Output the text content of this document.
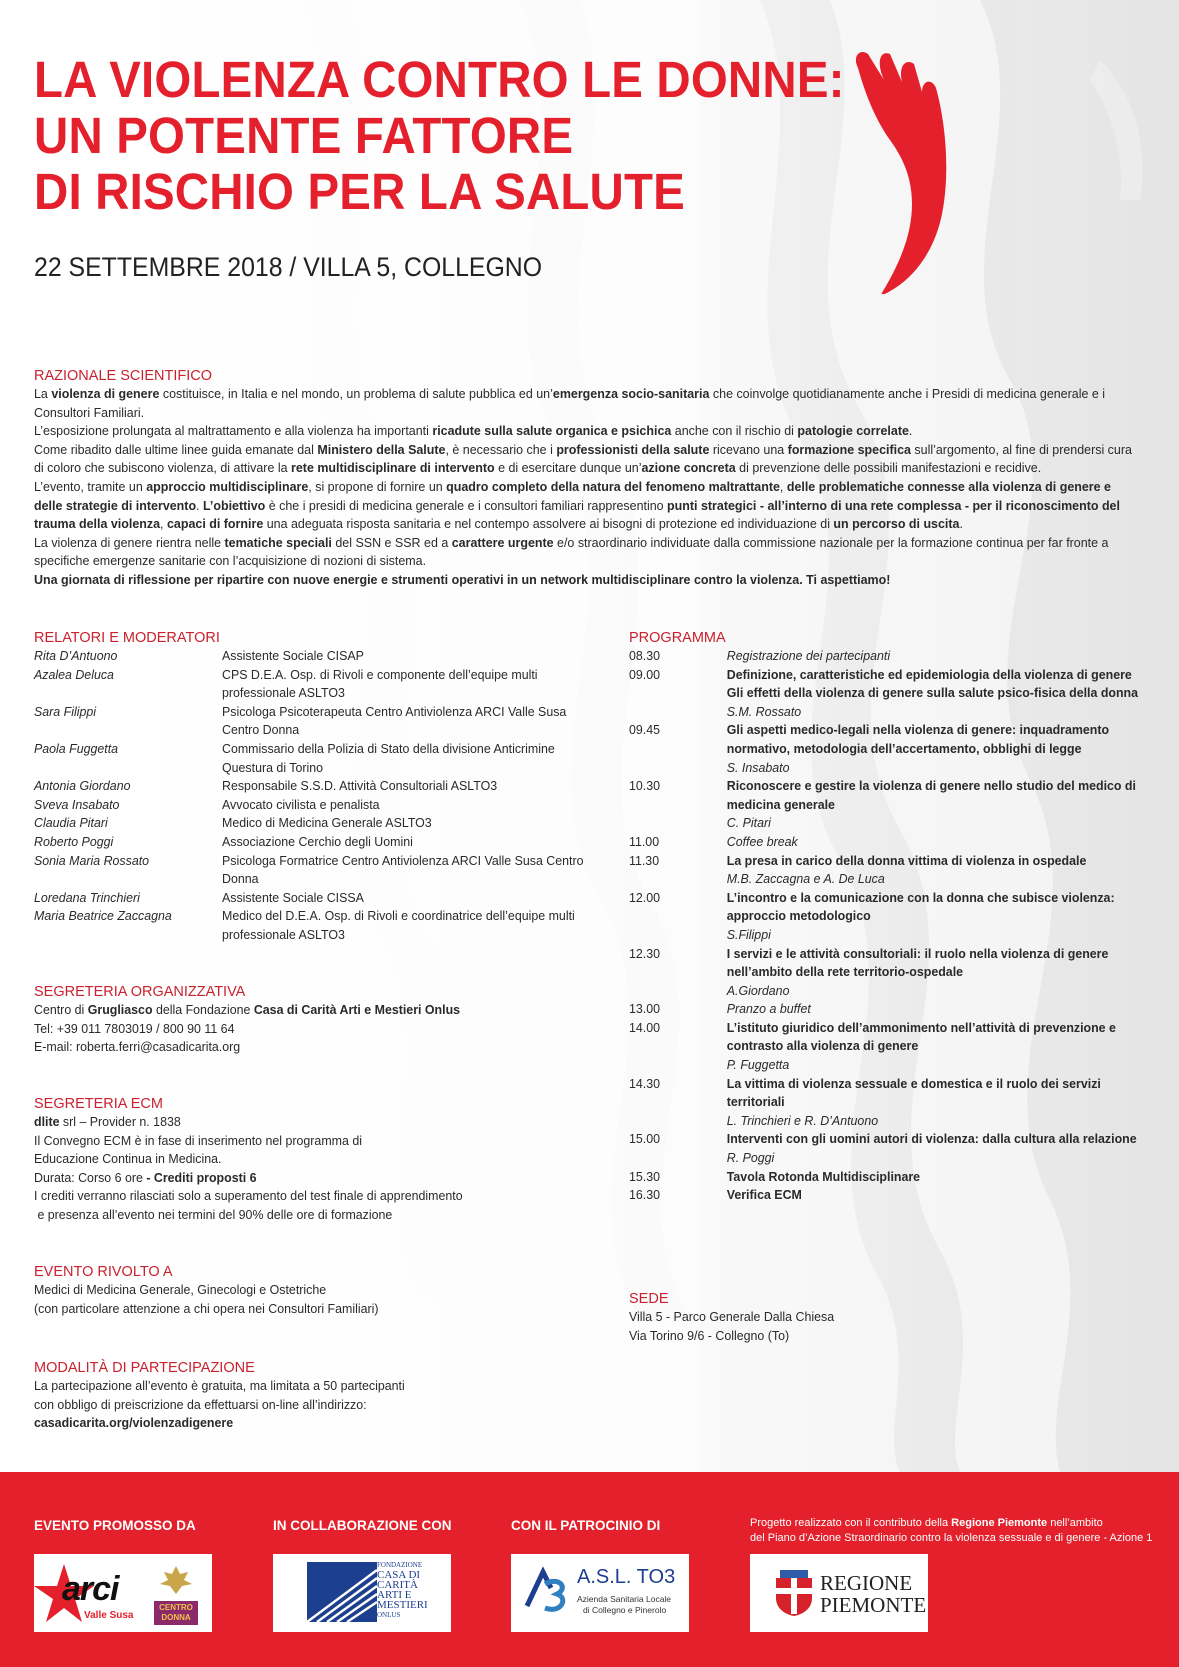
LA VIOLENZA CONTRO LE DONNE:
UN POTENTE FATTORE
DI RISCHIO PER LA SALUTE
22 SETTEMBRE 2018 / VILLA 5, COLLEGNO
RAZIONALE SCIENTIFICO

La violenza di genere costituisce, in Italia e nel mondo, un problema di salute pubblica ed un’emergenza socio-sanitaria che coinvolge quotidianamente anche i Presidi di medicina generale e i Consultori Familiari.

L’esposizione prolungata al maltrattamento e alla violenza ha importanti ricadute sulla salute organica e psichica anche con il rischio di patologie correlate.

Come ribadito dalle ultime linee guida emanate dal Ministero della Salute, è necessario che i professionisti della salute ricevano una formazione specifica sull’argomento, al fine di prendersi cura di coloro che subiscono violenza, di attivare la rete multidisciplinare di intervento e di esercitare dunque un’azione concreta di prevenzione delle possibili manifestazioni e recidive.

L’evento, tramite un approccio multidisciplinare, si propone di fornire un quadro completo della natura del fenomeno maltrattante, delle problematiche connesse alla violenza di genere e delle strategie di intervento. L’obiettivo è che i presidi di medicina generale e i consultori familiari rappresentino punti strategici - all’interno di una rete complessa - per il riconoscimento del trauma della violenza, capaci di fornire una adeguata risposta sanitaria e nel contempo assolvere ai bisogni di protezione ed individuazione di un percorso di uscita.

La violenza di genere rientra nelle tematiche speciali del SSN e SSR ed a carattere urgente e/o straordinario individuate dalla commissione nazionale per la formazione continua per far fronte a specifiche emergenze sanitarie con l’acquisizione di nozioni di sistema.

Una giornata di riflessione per ripartire con nuove energie e strumenti operativi in un network multidisciplinare contro la violenza. Ti aspettiamo!

RELATORI E MODERATORI
Rita D’Antuono	Assistente Sociale CISAP
Azalea Deluca	CPS D.E.A. Osp. di Rivoli e componente dell’equipe multi professionale ASLTO3
Sara Filippi	Psicologa Psicoterapeuta Centro Antiviolenza ARCI Valle Susa Centro Donna
Paola Fuggetta	Commissario della Polizia di Stato della divisione Anticrimine Questura di Torino
Antonia Giordano	Responsabile S.S.D. Attività Consultoriali ASLTO3
Sveva Insabato	Avvocato civilista e penalista
Claudia Pitari	Medico di Medicina Generale ASLTO3
Roberto Poggi	Associazione Cerchio degli Uomini
Sonia Maria Rossato	Psicologa Formatrice Centro Antiviolenza ARCI Valle Susa Centro Donna
Loredana Trinchieri	Assistente Sociale CISSA
Maria Beatrice Zaccagna	Medico del D.E.A. Osp. di Rivoli e coordinatrice dell’equipe multi professionale ASLTO3
PROGRAMMA
08.30	Registrazione dei partecipanti
09.00	Definizione, caratteristiche ed epidemiologia della violenza di genere
Gli effetti della violenza di genere sulla salute psico-fisica della donna
S.M. Rossato
09.45	Gli aspetti medico-legali nella violenza di genere: inquadramento normativo, metodologia dell’accertamento, obblighi di legge
S. Insabato
10.30	Riconoscere e gestire la violenza di genere nello studio del medico di medicina generale
C. Pitari
11.00	Coffee break
11.30	La presa in carico della donna vittima di violenza in ospedale
M.B. Zaccagna e A. De Luca
12.00	L’incontro e la comunicazione con la donna che subisce violenza: approccio metodologico
S.Filippi
12.30	I servizi e le attività consultoriali: il ruolo nella violenza di genere nell’ambito della rete territorio-ospedale
A.Giordano
13.00	Pranzo a buffet
14.00	L’istituto giuridico dell’ammonimento nell’attività di prevenzione e contrasto alla violenza di genere
P. Fuggetta
14.30	La vittima di violenza sessuale e domestica e il ruolo dei servizi territoriali
L. Trinchieri e R. D’Antuono
15.00	Interventi con gli uomini autori di violenza: dalla cultura alla relazione
R. Poggi
15.30	Tavola Rotonda Multidisciplinare
16.30	Verifica ECM
SEGRETERIA ORGANIZZATIVA
Centro di Grugliasco della Fondazione Casa di Carità Arti e Mestieri Onlus
Tel: +39 011 7803019 / 800 90 11 64
E-mail: roberta.ferri@casadicarita.org
SEGRETERIA ECM
dlite srl – Provider n. 1838
Il Convegno ECM è in fase di inserimento nel programma di
Educazione Continua in Medicina.
Durata: Corso 6 ore - Crediti proposti 6
I crediti verranno rilasciati solo a superamento del test finale di apprendimento
e presenza all’evento nei termini del 90% delle ore di formazione
EVENTO RIVOLTO A
Medici di Medicina Generale, Ginecologi e Ostetriche
(con particolare attenzione a chi opera nei Consultori Familiari)
MODALITÀ DI PARTECIPAZIONE
La partecipazione all’evento è gratuita, ma limitata a 50 partecipanti
con obbligo di preiscrizione da effettuarsi on-line all’indirizzo:
casadicarita.org/violenzadigenere
SEDE
Villa 5 - Parco Generale Dalla Chiesa
Via Torino 9/6 - Collegno (To)
EVENTO PROMOSSO DA	IN COLLABORAZIONE CON	CON IL PATROCINIO DI	Progetto realizzato con il contributo della Regione Piemonte nell’ambito
del Piano d’Azione Straordinario contro la violenza sessuale e di genere - Azione 1
arci
Valle Susa
CENTRO
DONNA
FONDAZIONE
CASA DI
CARITÀ
ARTI E
MESTIERI
ONLUS
A.S.L. TO3
Azienda Sanitaria Locale
di Collegno e Pinerolo
REGIONE
PIEMONTE
